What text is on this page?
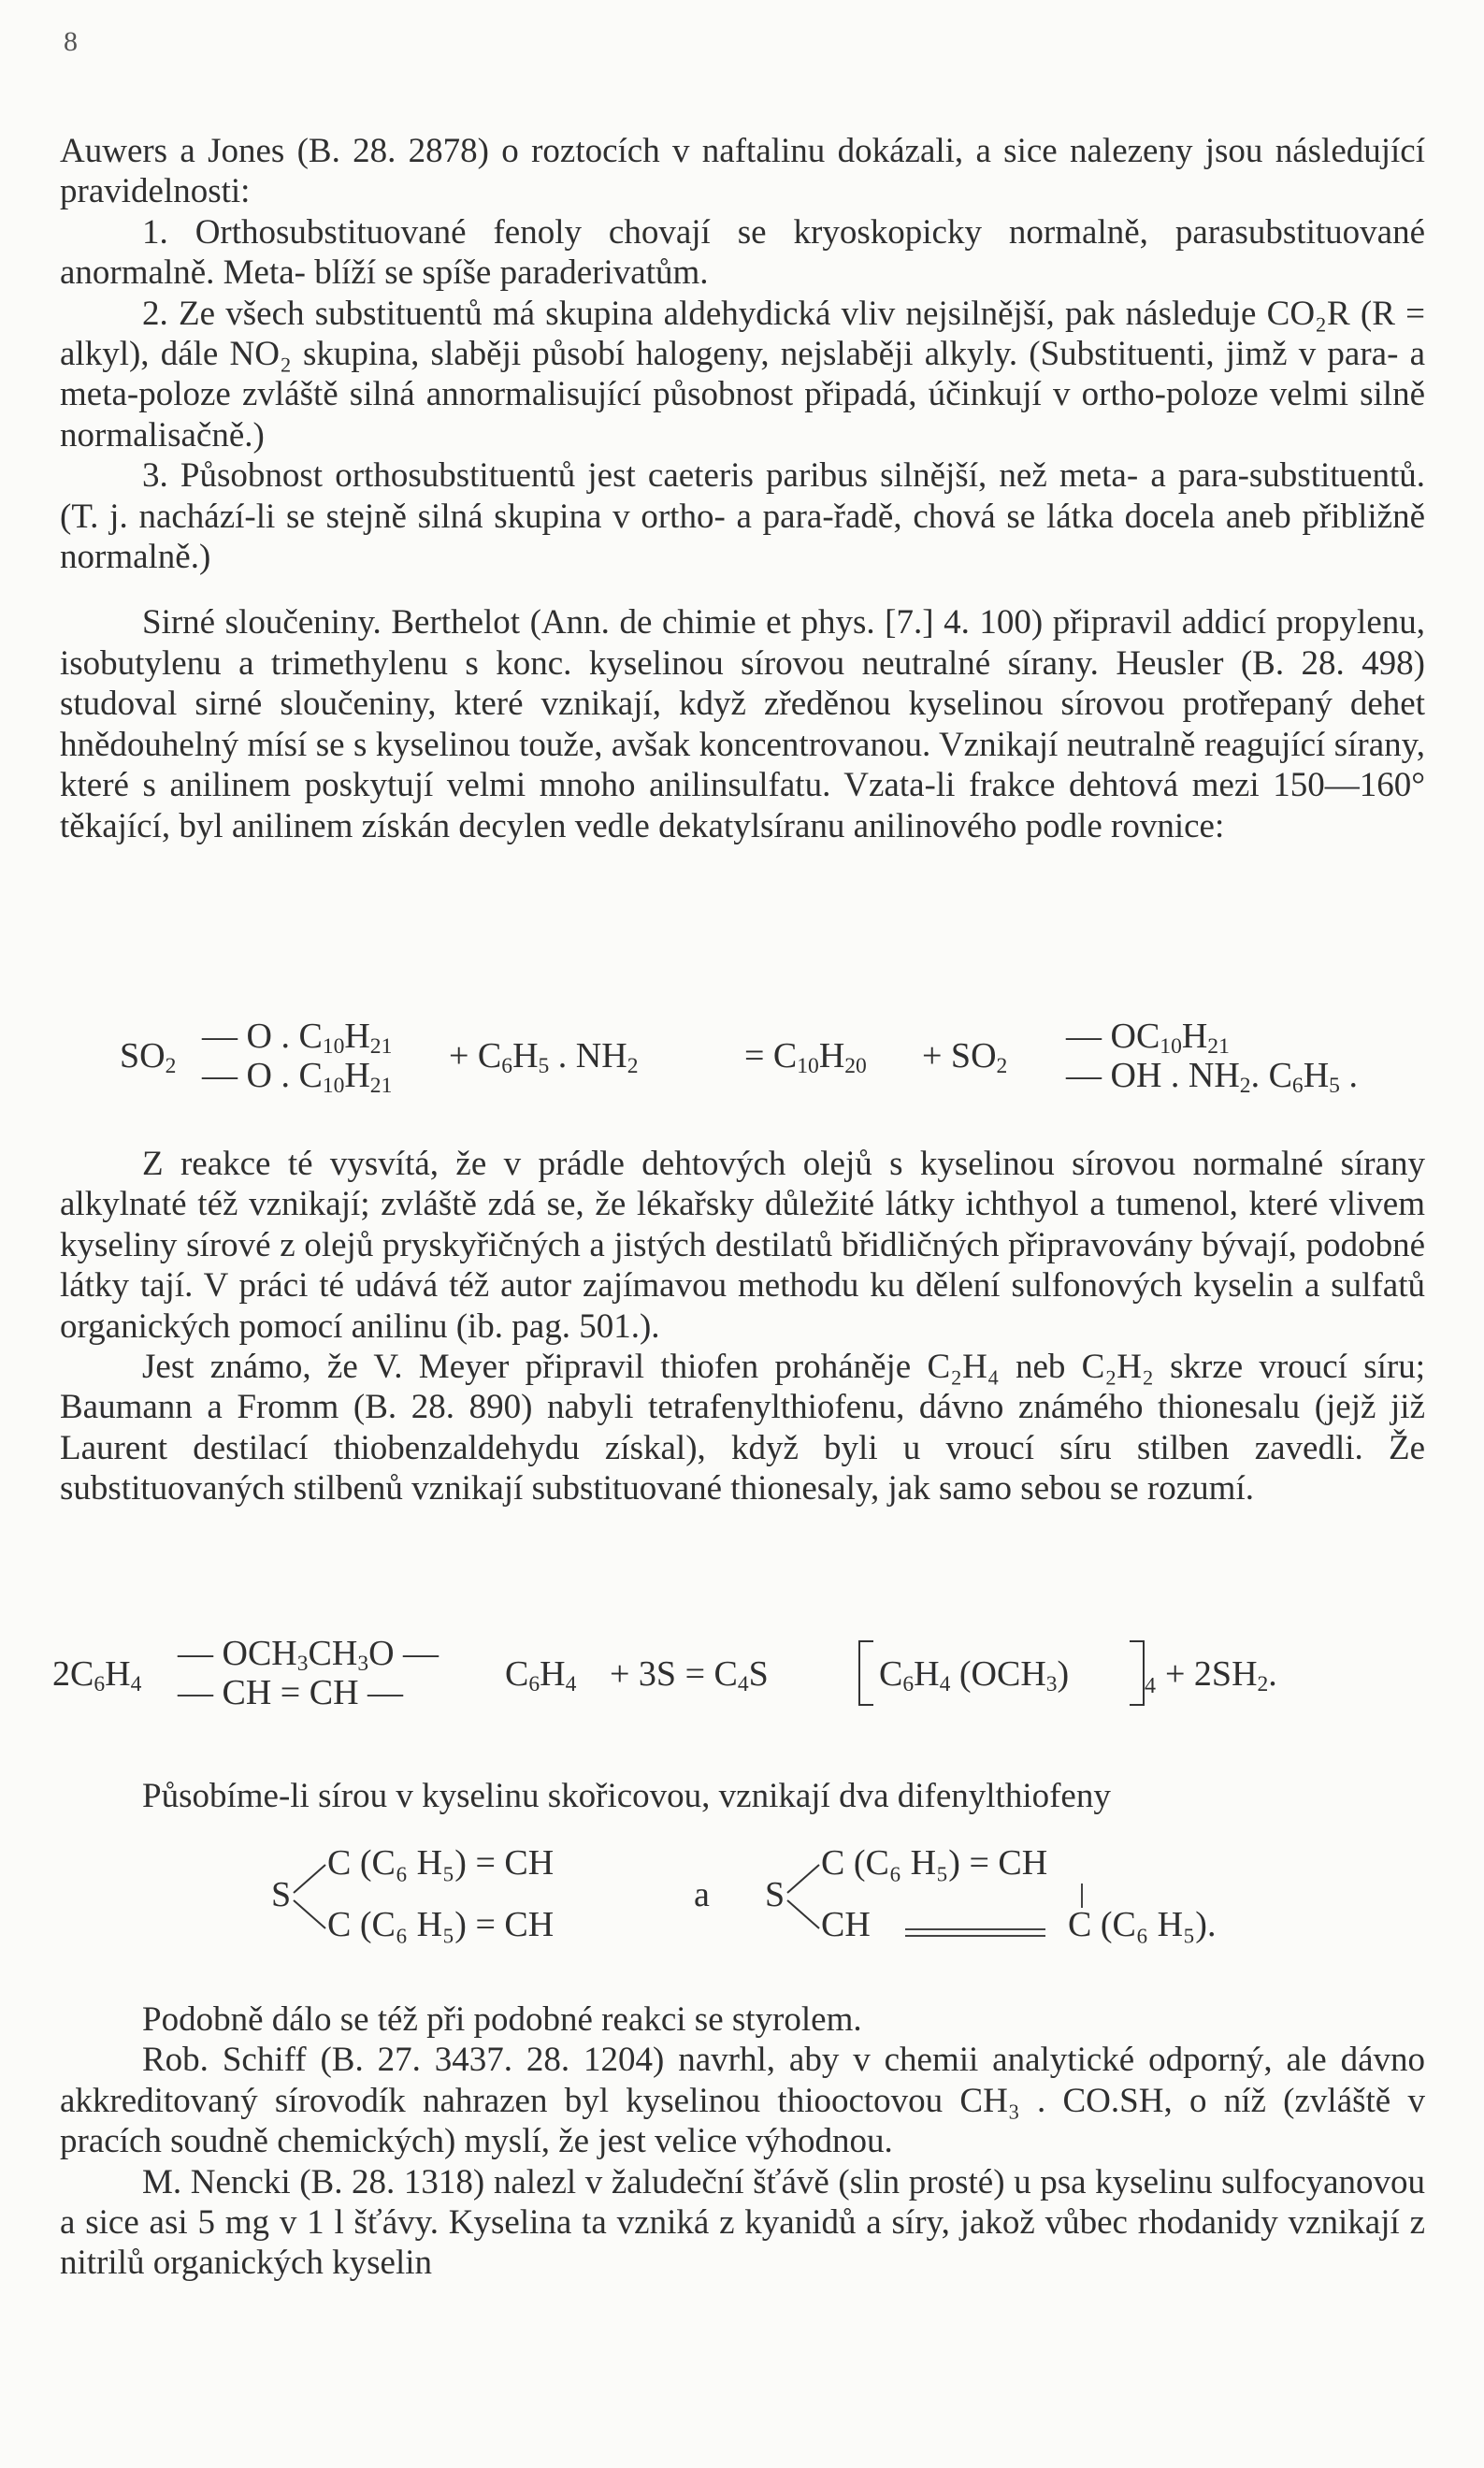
8

Auwers a Jones (B. 28. 2878) o roztocích v naftalinu dokázali, a sice nalezeny jsou následující pravidelnosti:

1. Orthosubstituované fenoly chovají se kryoskopicky normalně, parasubstituované anormalně. Meta- blíží se spíše paraderivatům.

2. Ze všech substituentů má skupina aldehydická vliv nejsilnější, pak následuje CO₂R (R = alkyl), dále NO₂ skupina, slaběji působí halogeny, nejslaběji alkyly. (Substituenti, jimž v para- a meta-poloze zvláště silná annormalisující působnost připadá, účinkují v ortho-poloze velmi silně normalisačně.)

3. Působnost orthosubstituentů jest caeteris paribus silnější, než meta- a para-substituentů. (T. j. nachází-li se stejně silná skupina v ortho- a para-řadě, chová se látka docela aneb přibližně normalně.)

Sirné sloučeniny. Berthelot (Ann. de chimie et phys. [7.] 4. 100) připravil addicí propylenu, isobutylenu a trimethylenu s konc. kyselinou sírovou neutralné sírany. Heusler (B. 28. 498) studoval sirné sloučeniny, které vznikají, když zředěnou kyselinou sírovou protřepaný dehet hnědouhelný mísí se s kyselinou touže, avšak koncentrovanou. Vznikají neutralně reagující sírany, které s anilinem poskytují velmi mnoho anilinsulfatu. Vzata-li frakce dehtová mezi 150—160° těkající, byl anilinem získán decylen vedle dekatylsíranu anilinového podle rovnice:

$SO_2$
— O . $C_{10}H_{21}$
— O . $C_{10}H_{21}$
+ $C_6H_5$ . $NH_2$	= $C_{10}H_{20} + SO_2$
— $OC_{10}H_{21}$
— OH . $NH_2$. $C_6H_5$ .

Z reakce té vysvítá, že v prádle dehtových olejů s kyselinou sírovou normalné sírany alkylnaté též vznikají; zvláště zdá se, že lékařsky důležité látky ichthyol a tumenol, které vlivem kyseliny sírové z olejů pryskyřičných a jistých destilatů břidličných připravovány bývají, podobné látky tají. V práci té udává též autor zajímavou methodu ku dělení sulfonových kyselin a sulfatů organických pomocí anilinu (ib. pag. 501.).

Jest známo, že V. Meyer připravil thiofen proháněje C₂H₄ neb C₂H₂ skrze vroucí síru; Baumann a Fromm (B. 28. 890) nabyli tetrafenylthiofenu, dávno známého thionesalu (jejž již Laurent destilací thiobenzaldehydu získal), když byli u vroucí síru stilben zavedli. Že substituovaných stilbenů vznikají substituované thionesaly, jak samo sebou se rozumí.

$2C_6H_4$
— $OCH_3CH_3O$ —
— CH = CH —	$C_6H_4 + 3S = C_4S$	$C_6H_4$ $(OCH_3)$	$4 + 2SH_2$.

Působíme-li sírou v kyselinu skořicovou, vznikají dva difenylthiofeny

S
C (C₆ H₅) = CH
C (C₆ H₅) = CH
a S
C (C₆ H₅) = CH
CH	C (C₆ H₅).

Podobně dálo se též při podobné reakci se styrolem.

Rob. Schiff (B. 27. 3437. 28. 1204) navrhl, aby v chemii analytické odporný, ale dávno akkreditovaný sírovodík nahrazen byl kyselinou thiooctovou CH₃ . CO.SH, o níž (zvláště v pracích soudně chemických) myslí, že jest velice výhodnou.

M. Nencki (B. 28. 1318) nalezl v žaludeční šťávě (slin prosté) u psa kyselinu sulfocyanovou a sice asi 5 mg v 1 l šťávy. Kyselina ta vzniká z kyanidů a síry, jakož vůbec rhodanidy vznikají z nitrilů organických kyselin
